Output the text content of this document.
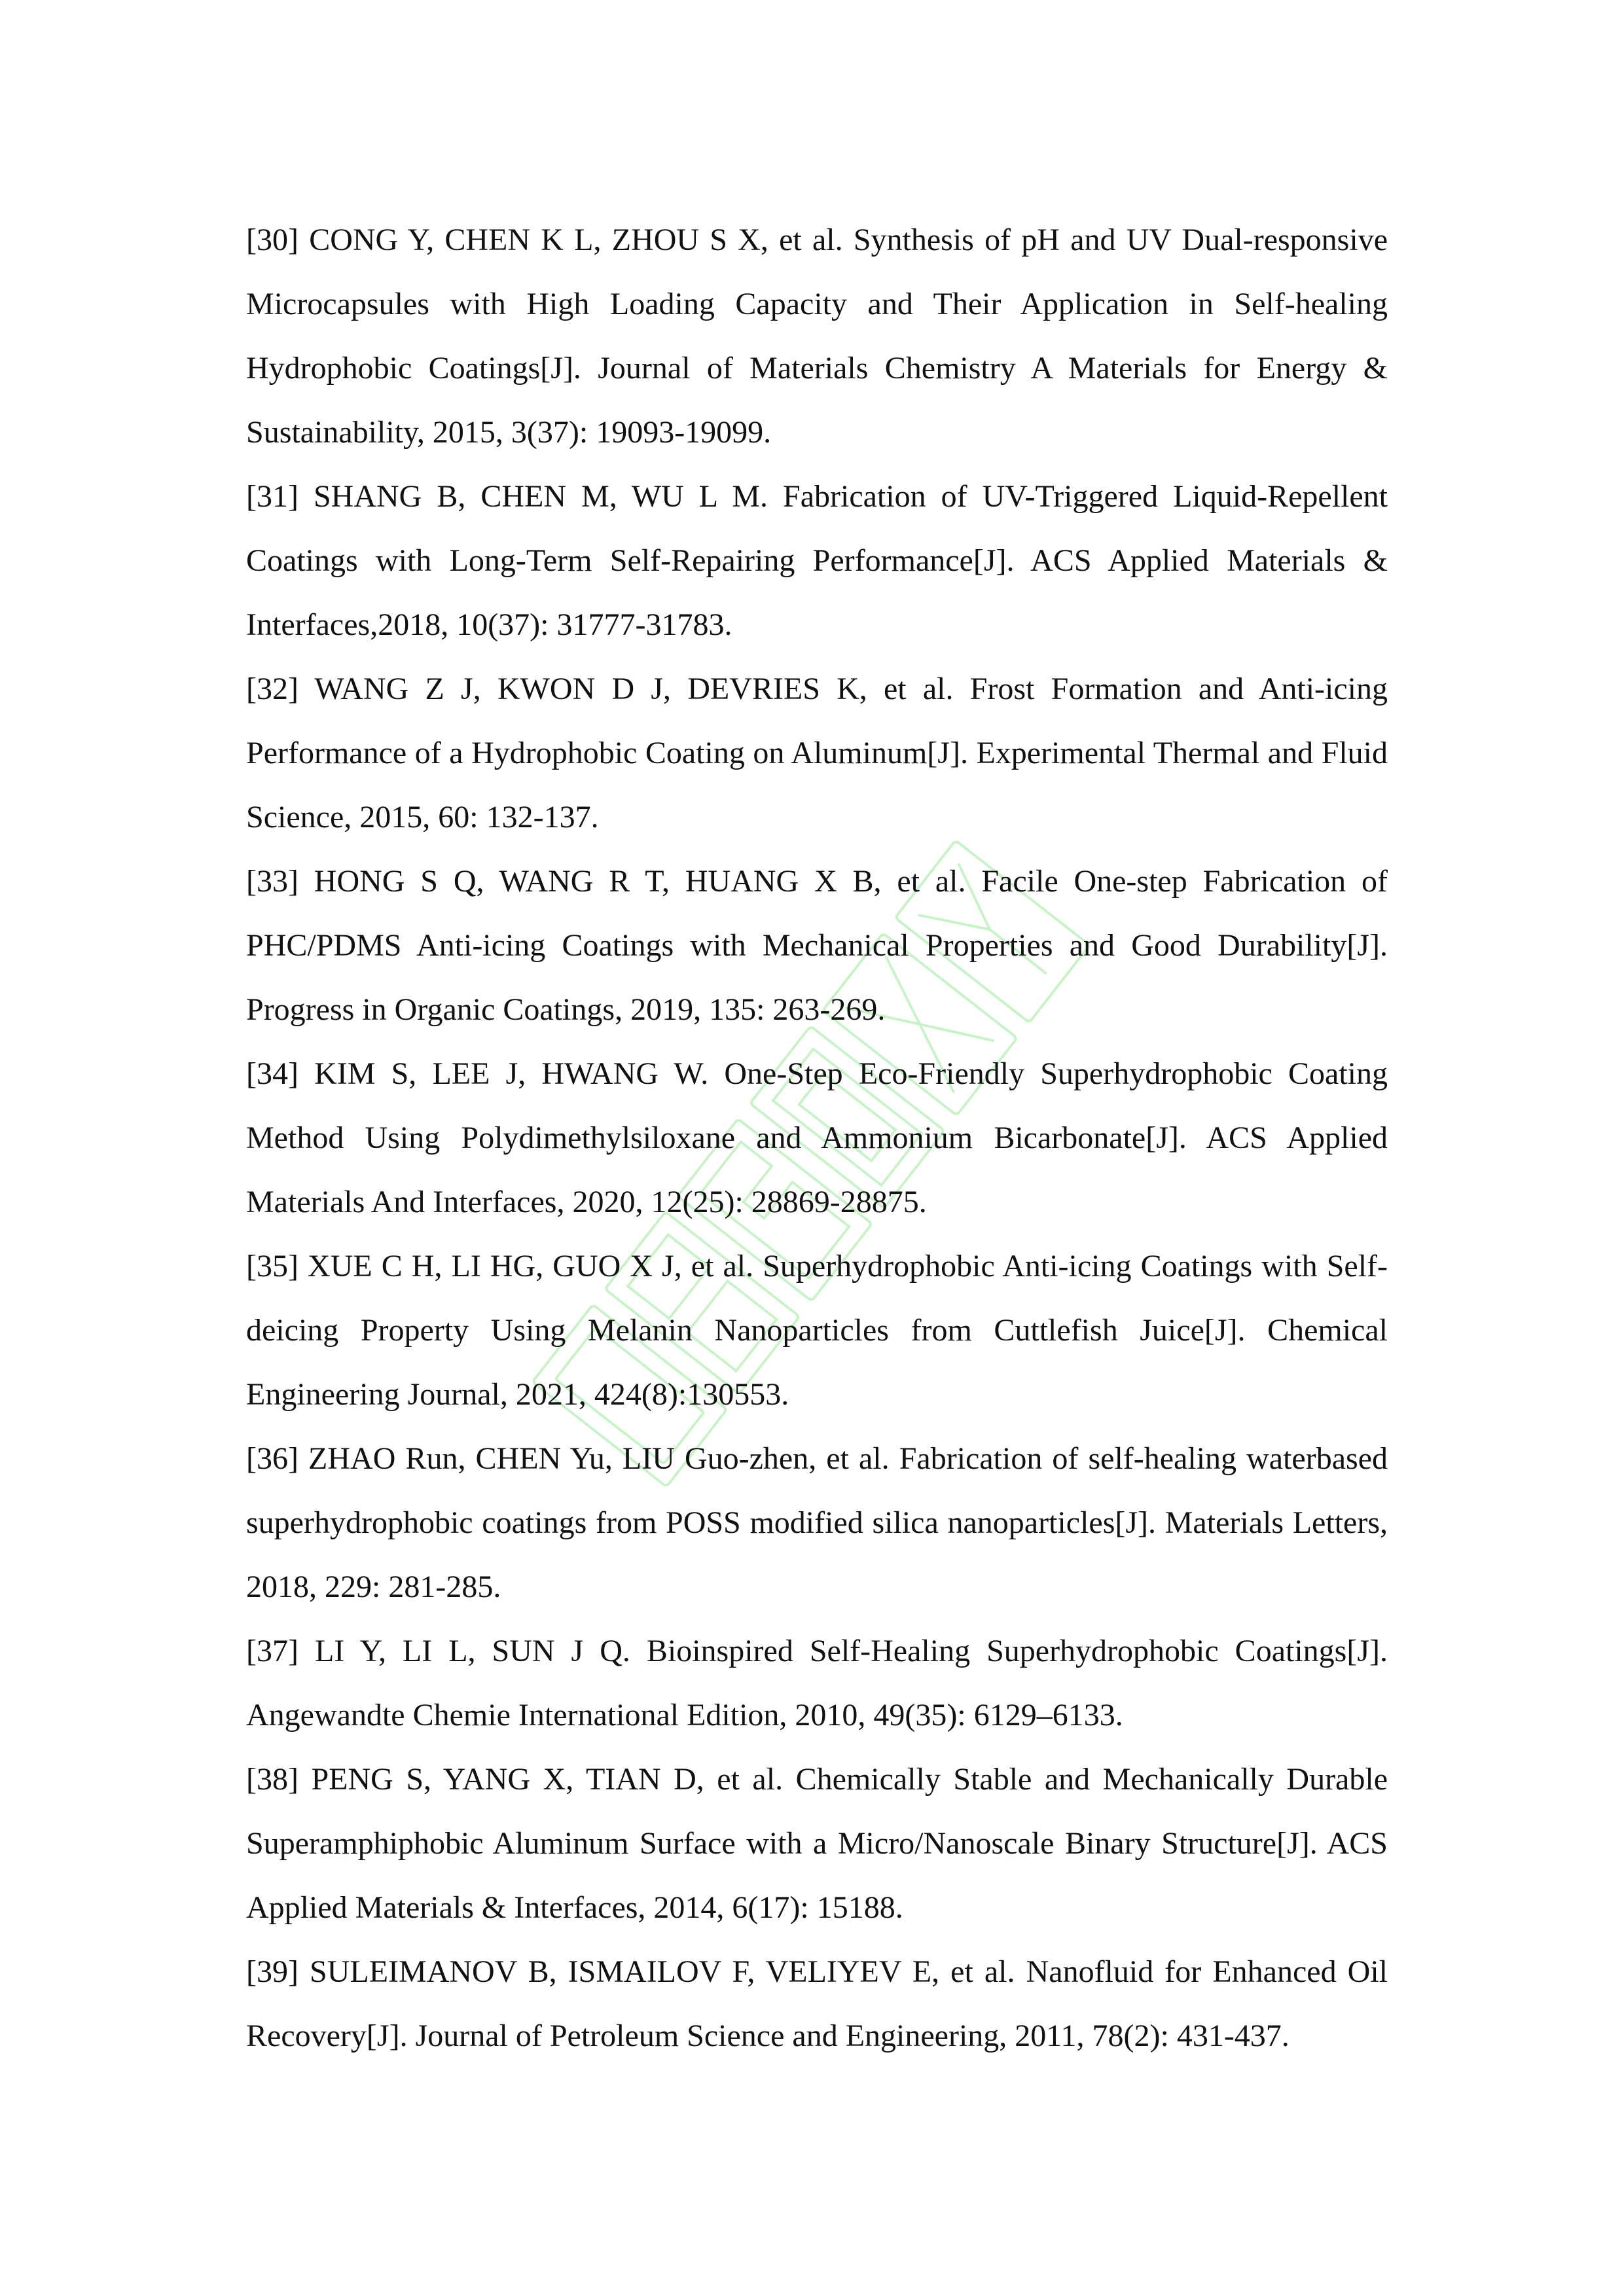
[30] CONG Y, CHEN K L, ZHOU S X, et al. Synthesis of pH and UV Dual-responsive Microcapsules with High Loading Capacity and Their Application in Self-healing Hydrophobic Coatings[J]. Journal of Materials Chemistry A Materials for Energy & Sustainability, 2015, 3(37): 19093-19099.

[31] SHANG B, CHEN M, WU L M. Fabrication of UV-Triggered Liquid-Repellent Coatings with Long-Term Self-Repairing Performance[J]. ACS Applied Materials & Interfaces,2018, 10(37): 31777-31783.

[32] WANG Z J, KWON D J, DEVRIES K, et al. Frost Formation and Anti-icing Performance of a Hydrophobic Coating on Aluminum[J]. Experimental Thermal and Fluid Science, 2015, 60: 132-137.

[33] HONG S Q, WANG R T, HUANG X B, et al. Facile One-step Fabrication of PHC/PDMS Anti-icing Coatings with Mechanical Properties and Good Durability[J]. Progress in Organic Coatings, 2019, 135: 263-269.

[34] KIM S, LEE J, HWANG W. One-Step Eco-Friendly Superhydrophobic Coating Method Using Polydimethylsiloxane and Ammonium Bicarbonate[J]. ACS Applied Materials And Interfaces, 2020, 12(25): 28869-28875.

[35] XUE C H, LI HG, GUO X J, et al. Superhydrophobic Anti-icing Coatings with Self-deicing Property Using Melanin Nanoparticles from Cuttlefish Juice[J]. Chemical Engineering Journal, 2021, 424(8):130553.

[36] ZHAO Run, CHEN Yu, LIU Guo-zhen, et al. Fabrication of self-healing waterbased superhydrophobic coatings from POSS modified silica nanoparticles[J]. Materials Letters, 2018, 229: 281-285.

[37] LI Y, LI L, SUN J Q. Bioinspired Self-Healing Superhydrophobic Coatings[J]. Angewandte Chemie International Edition, 2010, 49(35): 6129–6133.

[38] PENG S, YANG X, TIAN D, et al. Chemically Stable and Mechanically Durable Superamphiphobic Aluminum Surface with a Micro/Nanoscale Binary Structure[J]. ACS Applied Materials & Interfaces, 2014, 6(17): 15188.

[39] SULEIMANOV B, ISMAILOV F, VELIYEV E, et al. Nanofluid for Enhanced Oil Recovery[J]. Journal of Petroleum Science and Engineering, 2011, 78(2): 431-437.
